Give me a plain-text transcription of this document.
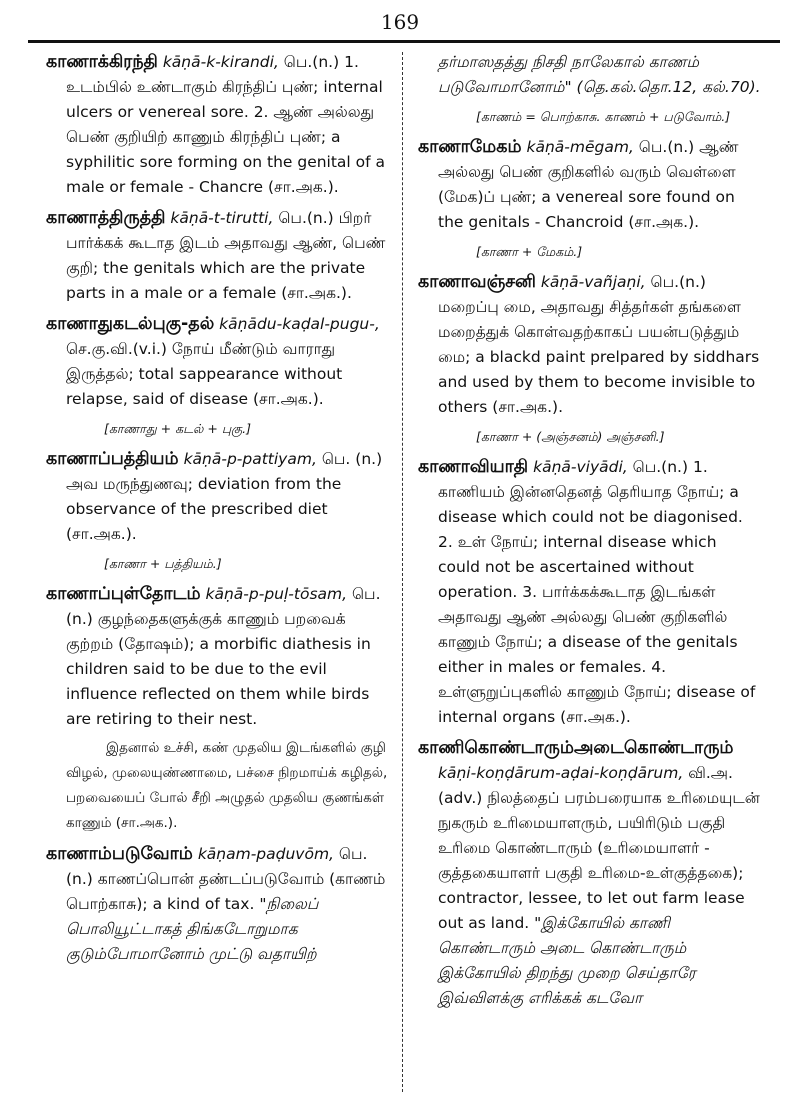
169

காணாக்கிரந்தி kāṇā-k-kirandi, பெ.(n.) 1. உடம்பில் உண்டாகும் கிரந்திப் புண்; internal ulcers or venereal sore. 2. ஆண் அல்லது பெண் குறியிற் காணும் கிரந்திப் புண்; a syphilitic sore forming on the genital of a male or female - Chancre (சா.அக.).

காணாத்திருத்தி kāṇā-t-tirutti, பெ.(n.) பிறர் பார்க்கக் கூடாத இடம் அதாவது ஆண், பெண் குறி; the genitals which are the private parts in a male or a female (சா.அக.).

காணாதுகடல்புகு-தல் kāṇādu-kaḍal-pugu-, செ.கு.வி.(v.i.) நோய் மீண்டும் வாராது இருத்தல்; total sappearance without relapse, said of disease (சா.அக.).

[காணாது + கடல் + புகு.]

காணாப்பத்தியம் kāṇā-p-pattiyam, பெ. (n.) அவ மருந்துணவு; deviation from the observance of the prescribed diet (சா.அக.).

[காணா + பத்தியம்.]

காணாப்புள்தோடம் kāṇā-p-puḷ-tōsam, பெ. (n.) குழந்தைகளுக்குக் காணும் பறவைக் குற்றம் (தோஷம்); a morbific diathesis in children said to be due to the evil influence reflected on them while birds are retiring to their nest.

இதனால் உச்சி, கண் முதலிய இடங்களில் குழி விழல், முலையுண்ணாமை, பச்சை நிறமாய்க் கழிதல், பறவையைப் போல் சீறி அழுதல் முதலிய குணங்கள் காணும் (சா.அக.).

காணாம்படுவோம் kāṇam-paḍuvōm, பெ. (n.) காணப்பொன் தண்டப்படுவோம் (காணம் பொற்காசு); a kind of tax. "நிலைப் பொலியூட்டாகத் திங்கடோறுமாக குடும்போமானோம் முட்டு வதாயிற்

தர்மாஸதத்து நிசதி நாலேகால் காணம் படுவோமானோம்" (தெ.கல்.தொ.12, கல்.70).

[காணம் = பொற்காசு. காணம் + படுவோம்.]

காணாமேகம் kāṇā-mēgam, பெ.(n.) ஆண் அல்லது பெண் குறிகளில் வரும் வெள்ளை (மேக)ப் புண்; a venereal sore found on the genitals - Chancroid (சா.அக.).

[காணா + மேகம்.]

காணாவஞ்சனி kāṇā-vañjaṇi, பெ.(n.) மறைப்பு மை, அதாவது சித்தர்கள் தங்களை மறைத்துக் கொள்வதற்காகப் பயன்படுத்தும் மை; a blackd paint prelpared by siddhars and used by them to become invisible to others (சா.அக.).

[காணா + (அஞ்சனம்) அஞ்சனி.]

காணாவியாதி kāṇā-viyādi, பெ.(n.) 1. காணியம் இன்னதெனத் தெரியாத நோய்; a disease which could not be diagonised. 2. உள் நோய்; internal disease which could not be ascertained without operation. 3. பார்க்கக்கூடாத இடங்கள் அதாவது ஆண் அல்லது பெண் குறிகளில் காணும் நோய்; a disease of the genitals either in males or females. 4. உள்ளுறுப்புகளில் காணும் நோய்; disease of internal organs (சா.அக.).

காணிகொண்டாரும்அடைகொண்டாரும் kāṇi-koṇḍārum-aḍai-koṇḍārum, வி.அ.(adv.) நிலத்தைப் பரம்பரையாக உரிமையுடன் நுகரும் உரிமையாளரும், பயிரிடும் பகுதி உரிமை கொண்டாரும் (உரிமையாளர் - குத்தகையாளர் பகுதி உரிமை-உள்குத்தகை); contractor, lessee, to let out farm lease out as land. "இக்கோயில் காணி கொண்டாரும் அடை கொண்டாரும் இக்கோயில் திறந்து முறை செய்தாரே இவ்விளக்கு எரிக்கக் கடவோ
